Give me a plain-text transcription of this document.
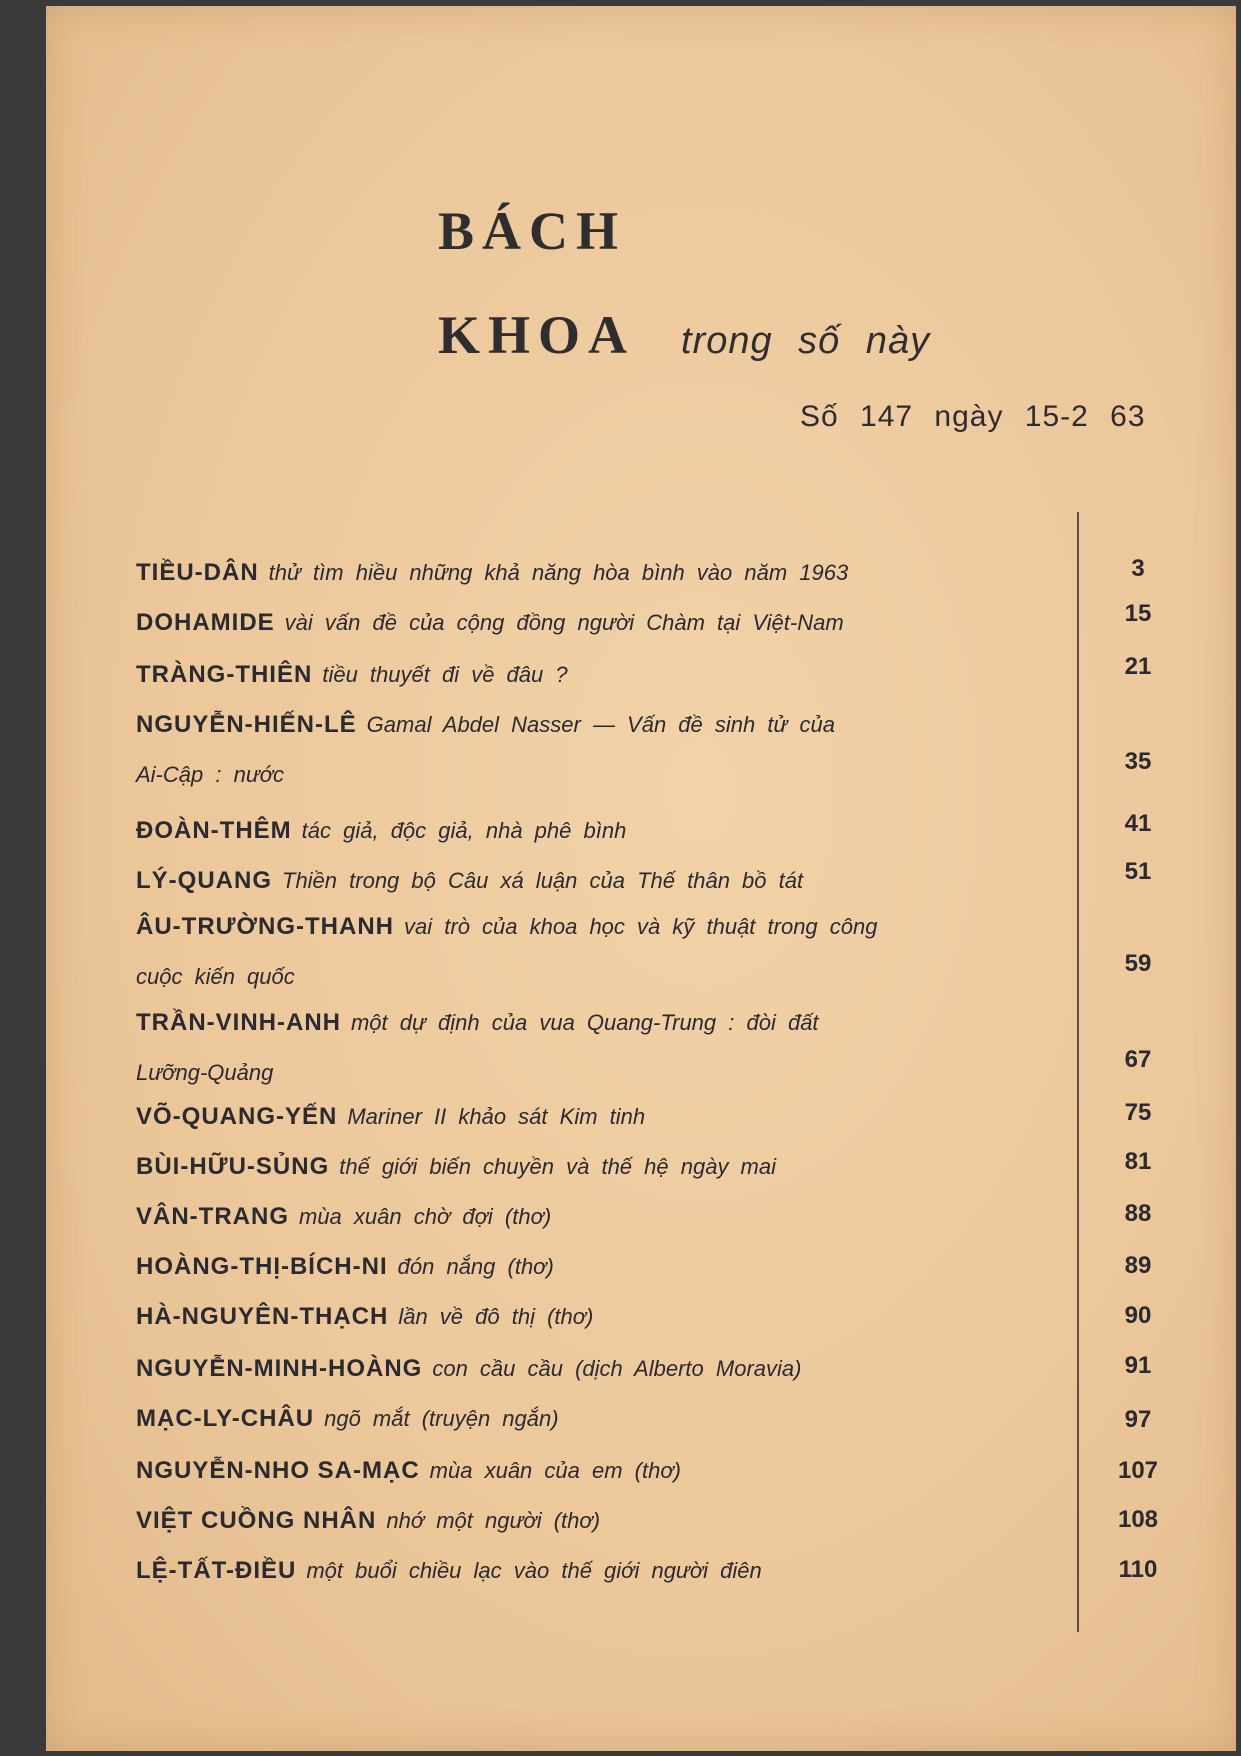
BÁCH
KHOA trong số này
Số 147 ngày 15-2 63
TIỀU-DÂN thử tìm hiều những khả năng hòa bình vào năm 1963	3
DOHAMIDE vài vấn đề của cộng đồng người Chàm tại Việt-Nam	15
TRÀNG-THIÊN tiều thuyết đi về đâu ?	21
NGUYỄN-HIẾN-LÊ Gamal Abdel Nasser — Vấn đề sinh tử của
Ai-Cập : nước	35
ĐOÀN-THÊM tác giả, độc giả, nhà phê bình	41
LÝ-QUANG Thiền trong bộ Câu xá luận của Thế thân bồ tát	51
ÂU-TRƯỜNG-THANH vai trò của khoa học và kỹ thuật trong công
cuộc kiến quốc	59
TRẦN-VINH-ANH một dự định của vua Quang-Trung : đòi đất
Lưỡng-Quảng	67
VÕ-QUANG-YẾN Mariner II khảo sát Kim tinh	75
BÙI-HỮU-SỦNG thế giới biến chuyền và thế hệ ngày mai	81
VÂN-TRANG mùa xuân chờ đợi (thơ)	88
HOÀNG-THỊ-BÍCH-NI đón nắng (thơ)	89
HÀ-NGUYÊN-THẠCH lần về đô thị (thơ)	90
NGUYỄN-MINH-HOÀNG con cầu cầu (dịch Alberto Moravia)	91
MẠC-LY-CHÂU ngõ mắt (truyện ngắn)	97
NGUYỄN-NHO SA-MẠC mùa xuân của em (thơ)	107
VIỆT CUỒNG NHÂN nhớ một người (thơ)	108
LỆ-TẤT-ĐIỀU một buổi chiều lạc vào thế giới người điên	110
